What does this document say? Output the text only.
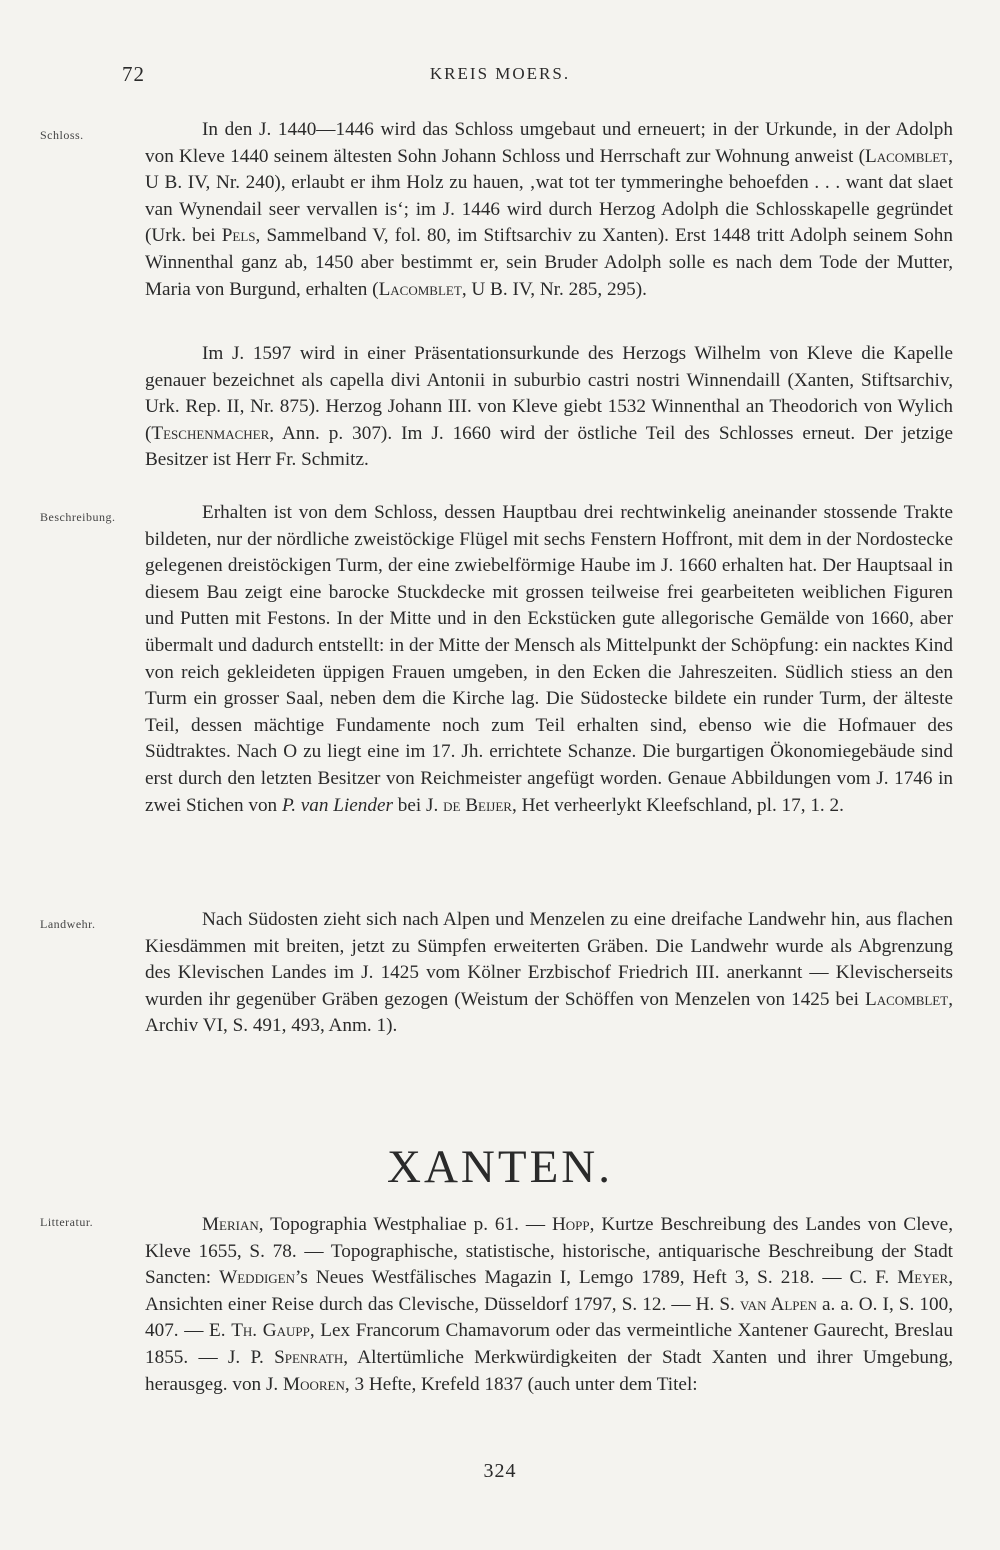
72	KREIS MOERS.
Schloss.	In den J. 1440—1446 wird das Schloss umgebaut und erneuert; in der Urkunde, in der Adolph von Kleve 1440 seinem ältesten Sohn Johann Schloss und Herrschaft zur Wohnung anweist (Lacomblet, U B. IV, Nr. 240), erlaubt er ihm Holz zu hauen, ‚wat tot ter tymmeringhe behoefden . . . want dat slaet van Wynendail seer vervallen is‘; im J. 1446 wird durch Herzog Adolph die Schlosskapelle gegründet (Urk. bei Pels, Sammelband V, fol. 80, im Stiftsarchiv zu Xanten). Erst 1448 tritt Adolph seinem Sohn Winnenthal ganz ab, 1450 aber bestimmt er, sein Bruder Adolph solle es nach dem Tode der Mutter, Maria von Burgund, erhalten (Lacomblet, U B. IV, Nr. 285, 295).

Im J. 1597 wird in einer Präsentationsurkunde des Herzogs Wilhelm von Kleve die Kapelle genauer bezeichnet als capella divi Antonii in suburbio castri nostri Winnendaill (Xanten, Stiftsarchiv, Urk. Rep. II, Nr. 875). Herzog Johann III. von Kleve giebt 1532 Winnenthal an Theodorich von Wylich (Teschenmacher, Ann. p. 307). Im J. 1660 wird der östliche Teil des Schlosses erneut. Der jetzige Besitzer ist Herr Fr. Schmitz.

Beschreibung.	Erhalten ist von dem Schloss, dessen Hauptbau drei rechtwinkelig aneinander stossende Trakte bildeten, nur der nördliche zweistöckige Flügel mit sechs Fenstern Hoffront, mit dem in der Nordostecke gelegenen dreistöckigen Turm, der eine zwiebelförmige Haube im J. 1660 erhalten hat. Der Hauptsaal in diesem Bau zeigt eine barocke Stuckdecke mit grossen teilweise frei gearbeiteten weiblichen Figuren und Putten mit Festons. In der Mitte und in den Eckstücken gute allegorische Gemälde von 1660, aber übermalt und dadurch entstellt: in der Mitte der Mensch als Mittelpunkt der Schöpfung: ein nacktes Kind von reich gekleideten üppigen Frauen umgeben, in den Ecken die Jahreszeiten. Südlich stiess an den Turm ein grosser Saal, neben dem die Kirche lag. Die Südostecke bildete ein runder Turm, der älteste Teil, dessen mächtige Fundamente noch zum Teil erhalten sind, ebenso wie die Hofmauer des Südtraktes. Nach O zu liegt eine im 17. Jh. errichtete Schanze. Die burgartigen Ökonomiegebäude sind erst durch den letzten Besitzer von Reichmeister angefügt worden. Genaue Abbildungen vom J. 1746 in zwei Stichen von P. van Liender bei J. de Beijer, Het verheerlykt Kleefschland, pl. 17, 1. 2.

Landwehr.	Nach Südosten zieht sich nach Alpen und Menzelen zu eine dreifache Landwehr hin, aus flachen Kiesdämmen mit breiten, jetzt zu Sümpfen erweiterten Gräben. Die Landwehr wurde als Abgrenzung des Klevischen Landes im J. 1425 vom Kölner Erzbischof Friedrich III. anerkannt — Klevischerseits wurden ihr gegenüber Gräben gezogen (Weistum der Schöffen von Menzelen von 1425 bei Lacomblet, Archiv VI, S. 491, 493, Anm. 1).

XANTEN.
Litteratur.	Merian, Topographia Westphaliae p. 61. — Hopp, Kurtze Beschreibung des Landes von Cleve, Kleve 1655, S. 78. — Topographische, statistische, historische, antiquarische Beschreibung der Stadt Sancten: Weddigen’s Neues Westfälisches Magazin I, Lemgo 1789, Heft 3, S. 218. — C. F. Meyer, Ansichten einer Reise durch das Clevische, Düsseldorf 1797, S. 12. — H. S. van Alpen a. a. O. I, S. 100, 407. — E. Th. Gaupp, Lex Francorum Chamavorum oder das vermeintliche Xantener Gaurecht, Breslau 1855. — J. P. Spenrath, Altertümliche Merkwürdigkeiten der Stadt Xanten und ihrer Umgebung, herausgeg. von J. Mooren, 3 Hefte, Krefeld 1837 (auch unter dem Titel:

324
